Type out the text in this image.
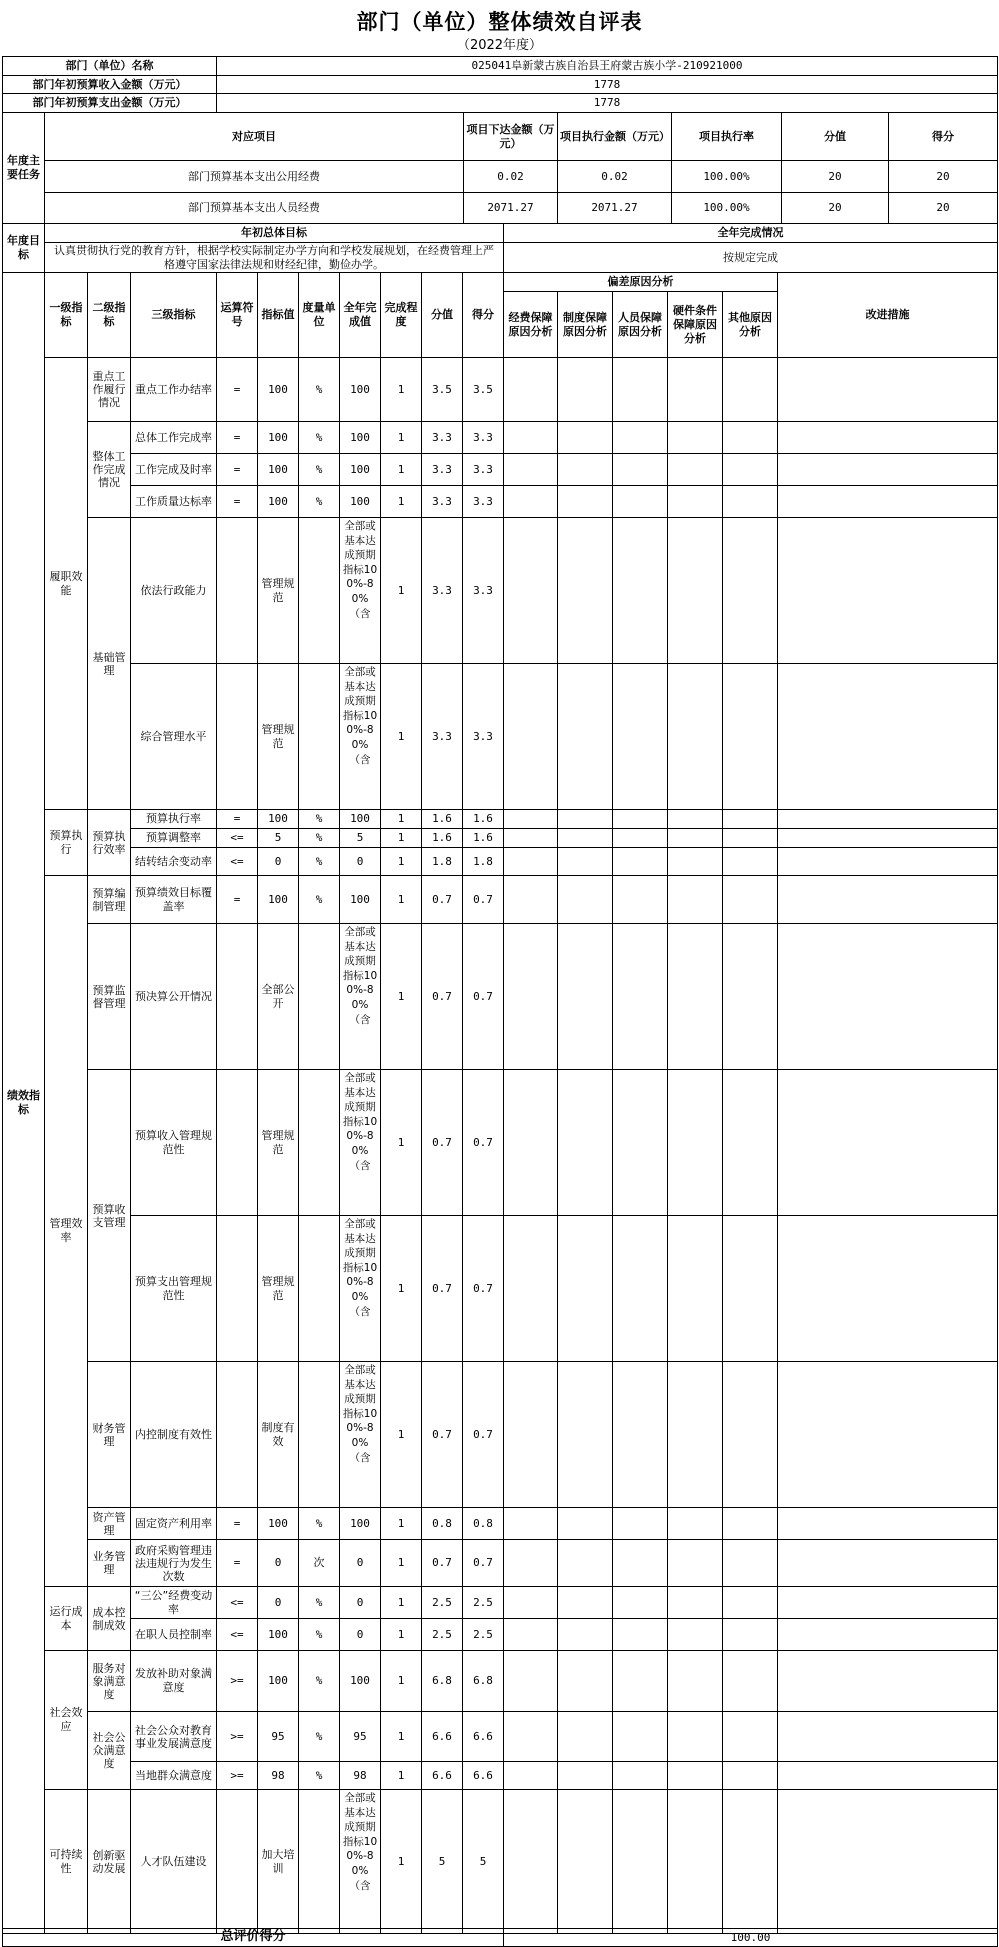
部门（单位）整体绩效自评表
（2022年度）
部门（单位）名称	025041阜新蒙古族自治县王府蒙古族小学-210921000
部门年初预算收入金额（万元）	1778
部门年初预算支出金额（万元）	1778
年度主要任务	对应项目	项目下达金额（万元）	项目执行金额（万元）	项目执行率	分值	得分
	部门预算基本支出公用经费	0.02	0.02	100.00%	20	20
	部门预算基本支出人员经费	2071.27	2071.27	100.00%	20	20
年度目标	年初总体目标	全年完成情况
	认真贯彻执行党的教育方针，根据学校实际制定办学方向和学校发展规划，在经费管理上严格遵守国家法律法规和财经纪律，勤俭办学。	按规定完成
绩效指标	一级指标	二级指标	三级指标	运算符号	指标值	度量单位	全年完成值	完成程度	分值	得分	偏差原因分析					改进措施
											经费保障原因分析	制度保障原因分析	人员保障原因分析	硬件条件保障原因分析	其他原因分析	
	履职效能	重点工作履行情况	重点工作办结率	=	100	%	100	1	3.5	3.5						
		整体工作完成情况	总体工作完成率	=	100	%	100	1	3.3	3.3						
			工作完成及时率	=	100	%	100	1	3.3	3.3						
			工作质量达标率	=	100	%	100	1	3.3	3.3						
		基础管理	依法行政能力		管理规范		全部或基本达成预期指标100%-80%（含	1	3.3	3.3						
			综合管理水平		管理规范		全部或基本达成预期指标100%-80%（含	1	3.3	3.3						
	预算执行	预算执行效率	预算执行率	=	100	%	100	1	1.6	1.6						
			预算调整率	<=	5	%	5	1	1.6	1.6						
			结转结余变动率	<=	0	%	0	1	1.8	1.8						
	管理效率	预算编制管理	预算绩效目标覆盖率	=	100	%	100	1	0.7	0.7						
		预算监督管理	预决算公开情况		全部公开		全部或基本达成预期指标100%-80%（含	1	0.7	0.7						
		预算收支管理	预算收入管理规范性		管理规范		全部或基本达成预期指标100%-80%（含	1	0.7	0.7						
			预算支出管理规范性		管理规范		全部或基本达成预期指标100%-80%（含	1	0.7	0.7						
		财务管理	内控制度有效性		制度有效		全部或基本达成预期指标100%-80%（含	1	0.7	0.7						
		资产管理	固定资产利用率	=	100	%	100	1	0.8	0.8						
		业务管理	政府采购管理违法违规行为发生次数	=	0	次	0	1	0.7	0.7						
	运行成本	成本控制成效	“三公”经费变动率	<=	0	%	0	1	2.5	2.5						
			在职人员控制率	<=	100	%	0	1	2.5	2.5						
	社会效应	服务对象满意度	发放补助对象满意度	>=	100	%	100	1	6.8	6.8						
		社会公众满意度	社会公众对教育事业发展满意度	>=	95	%	95	1	6.6	6.6						
			当地群众满意度	>=	98	%	98	1	6.6	6.6						
	可持续性	创新驱动发展	人才队伍建设		加大培训		全部或基本达成预期指标100%-80%（含	1	5	5						
总评价得分	100.00
